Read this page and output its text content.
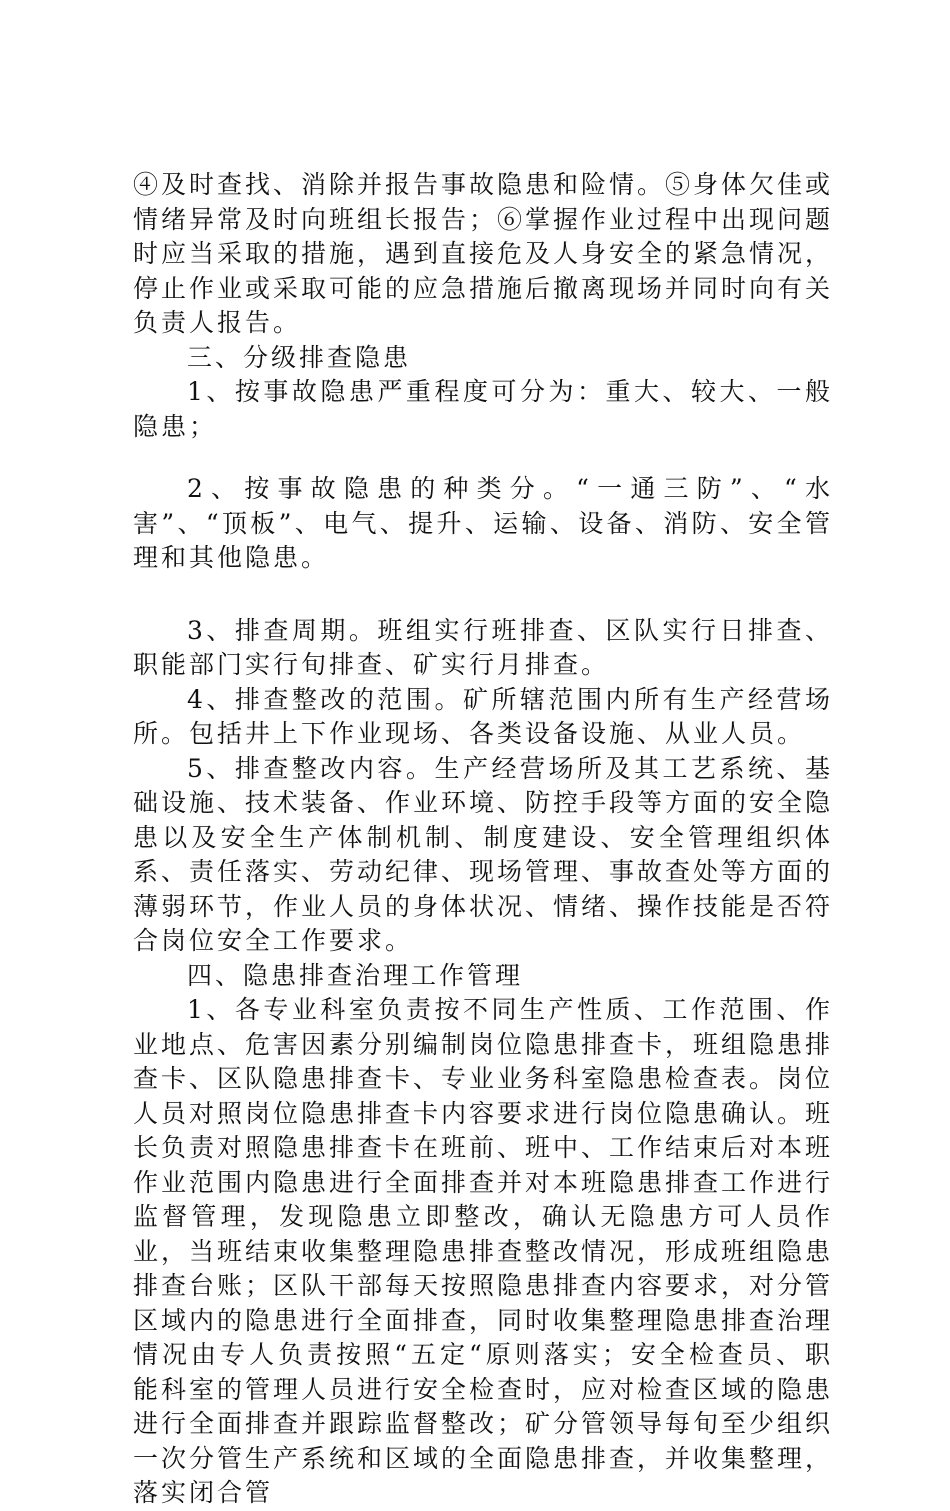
④及时查找、消除并报告事故隐患和险情。⑤身体欠佳或情绪异常及时向班组长报告；⑥掌握作业过程中出现问题时应当采取的措施，遇到直接危及人身安全的紧急情况，停止作业或采取可能的应急措施后撤离现场并同时向有关负责人报告。

三、分级排查隐患

1、按事故隐患严重程度可分为：重大、较大、一般隐患；

2、按事故隐患的种类分。“一通三防”、“水害”、“顶板”、电气、提升、运输、设备、消防、安全管理和其他隐患。

3、排查周期。班组实行班排查、区队实行日排查、职能部门实行旬排查、矿实行月排查。

4、排查整改的范围。矿所辖范围内所有生产经营场所。包括井上下作业现场、各类设备设施、从业人员。

5、排查整改内容。生产经营场所及其工艺系统、基础设施、技术装备、作业环境、防控手段等方面的安全隐患以及安全生产体制机制、制度建设、安全管理组织体系、责任落实、劳动纪律、现场管理、事故查处等方面的薄弱环节，作业人员的身体状况、情绪、操作技能是否符合岗位安全工作要求。

四、隐患排查治理工作管理

1、各专业科室负责按不同生产性质、工作范围、作业地点、危害因素分别编制岗位隐患排查卡，班组隐患排查卡、区队隐患排查卡、专业业务科室隐患检查表。岗位人员对照岗位隐患排查卡内容要求进行岗位隐患确认。班长负责对照隐患排查卡在班前、班中、工作结束后对本班作业范围内隐患进行全面排查并对本班隐患排查工作进行监督管理，发现隐患立即整改，确认无隐患方可人员作业，当班结束收集整理隐患排查整改情况，形成班组隐患排查台账；区队干部每天按照隐患排查内容要求，对分管区域内的隐患进行全面排查，同时收集整理隐患排查治理情况由专人负责按照“五定“原则落实；安全检查员、职能科室的管理人员进行安全检查时，应对检查区域的隐患进行全面排查并跟踪监督整改；矿分管领导每旬至少组织一次分管生产系统和区域的全面隐患排查，并收集整理，落实闭合管
